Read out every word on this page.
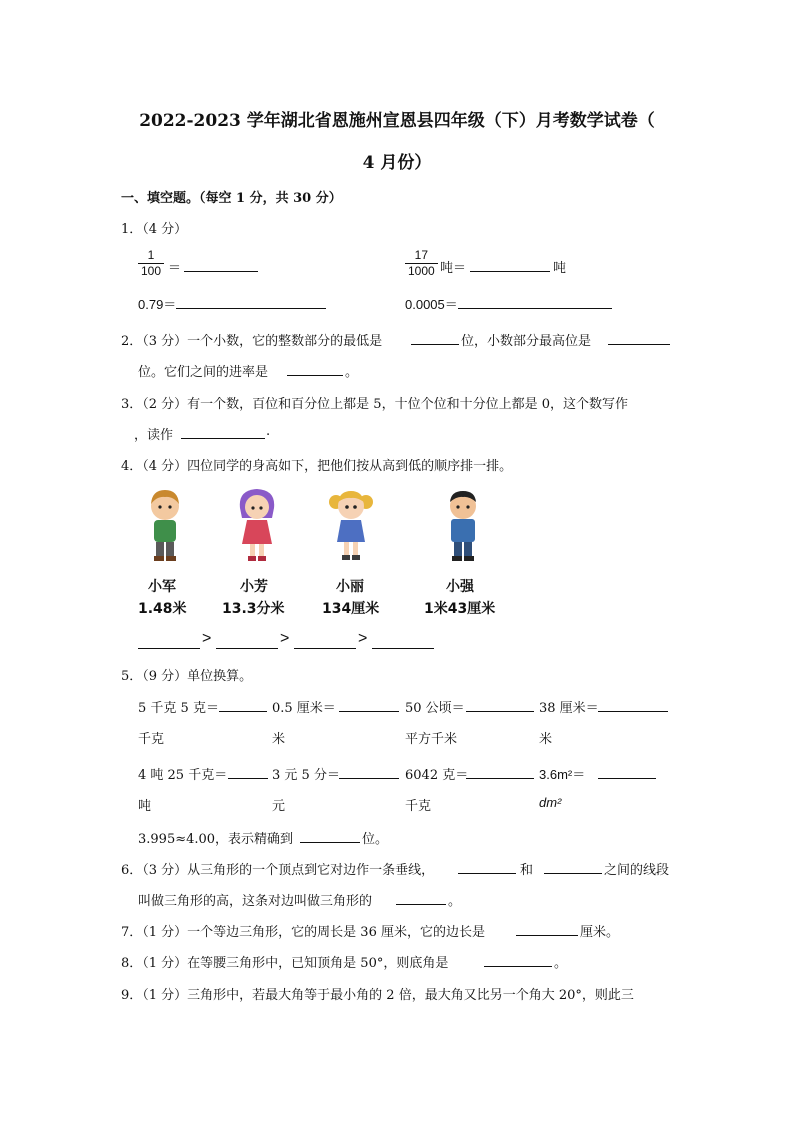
2022-2023 学年湖北省恩施州宣恩县四年级（下）月考数学试卷（
4 月份）
一、填空题。（每空 1 分，共 30 分）
1．（4 分）
$\frac{1}{100}$ ＝	$\frac{17}{1000}$ 吨＝	吨
0.79＝	0.0005＝
2．（3 分）一个小数，它的整数部分的最低是	位，小数部分最高位是
位。它们之间的进率是	。
3．（2 分）有一个数，百位和百分位上都是 5，十位个位和十分位上都是 0，这个数写作
，读作	.
4．（4 分）四位同学的身高如下，把他们按从高到低的顺序排一排。
小军
1.48米
小芳
13.3分米
小丽
134厘米
小强
1米43厘米
>	>	>
5．（9 分）单位换算。
5 千克 5 克＝	0.5 厘米＝	50 公顷＝	38 厘米＝
千克	米	平方千米	米
4 吨 25 千克＝	3 元 5 分＝	6042 克＝	3.6m²＝
吨	元	千克	dm²
3.995≈4.00，表示精确到	位。
6．（3 分）从三角形的一个顶点到它对边作一条垂线，	和	之间的线段
叫做三角形的高，这条对边叫做三角形的	。
7．（1 分）一个等边三角形，它的周长是 36 厘米，它的边长是	厘米。
8．（1 分）在等腰三角形中，已知顶角是 50°，则底角是	。
9．（1 分）三角形中，若最大角等于最小角的 2 倍，最大角又比另一个角大 20°，则此三
